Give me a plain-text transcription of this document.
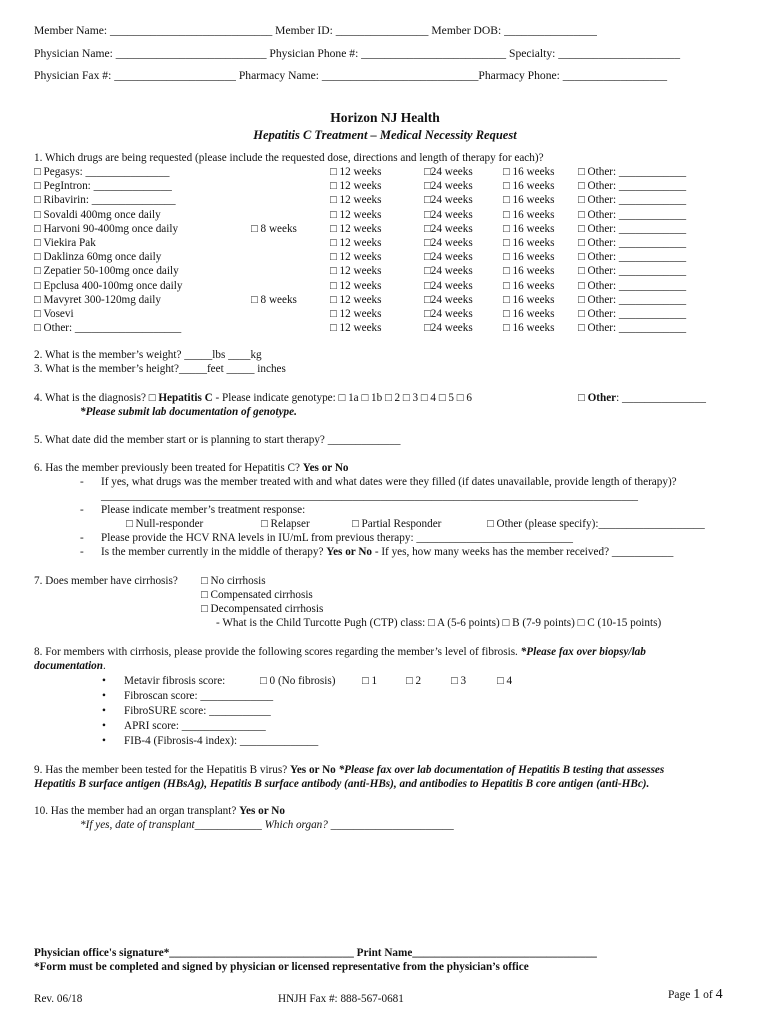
Member Name: ____________________________ Member ID: ________________ Member DOB: ________________
Physician Name: __________________________ Physician Phone #: _________________________ Specialty: _____________________
Physician Fax #: _____________________ Pharmacy Name: ___________________________Pharmacy Phone: __________________
Horizon NJ Health
Hepatitis C Treatment – Medical Necessity Request
1. Which drugs are being requested (please include the requested dose, directions and length of therapy for each)?
□ Pegasys: _______________	□ 12 weeks	□24 weeks	□ 16 weeks □ Other: ____________
□ PegIntron: ______________	□ 12 weeks	□24 weeks	□ 16 weeks □ Other: ____________
□ Ribavirin: _______________	□ 12 weeks	□24 weeks	□ 16 weeks □ Other: ____________
□ Sovaldi 400mg once daily	□ 12 weeks	□24 weeks	□ 16 weeks □ Other: ____________
□ Harvoni 90-400mg once daily	□ 8 weeks	□ 12 weeks	□24 weeks	□ 16 weeks □ Other: ____________
□ Viekira Pak	□ 12 weeks	□24 weeks	□ 16 weeks □ Other: ____________
□ Daklinza 60mg once daily	□ 12 weeks	□24 weeks	□ 16 weeks □ Other: ____________
□ Zepatier 50-100mg once daily	□ 12 weeks	□24 weeks	□ 16 weeks □ Other: ____________
□ Epclusa 400-100mg once daily	□ 12 weeks	□24 weeks	□ 16 weeks □ Other: ____________
□ Mavyret 300-120mg daily	□ 8 weeks	□ 12 weeks	□24 weeks	□ 16 weeks □ Other: ____________
□ Vosevi	□ 12 weeks	□24 weeks	□ 16 weeks □ Other: ____________
□ Other: ___________________	□ 12 weeks	□24 weeks	□ 16 weeks □ Other: ____________
2. What is the member’s weight? _____lbs ____kg
3. What is the member’s height?_____feet _____ inches
4. What is the diagnosis? □ Hepatitis C - Please indicate genotype: □ 1a □ 1b □ 2 □ 3 □ 4 □ 5 □ 6	□ Other: _______________
*Please submit lab documentation of genotype.
5. What date did the member start or is planning to start therapy? _____________
6. Has the member previously been treated for Hepatitis C? Yes or No
- If yes, what drugs was the member treated with and what dates were they filled (if dates unavailable, provide length of therapy)?
________________________________________________________________________________________________
- Please indicate member’s treatment response:
□ Null-responder	□ Relapser	□ Partial Responder	□ Other (please specify):___________________
- Please provide the HCV RNA levels in IU/mL from previous therapy: ____________________________
- Is the member currently in the middle of therapy? Yes or No - If yes, how many weeks has the member received? ___________
7. Does member have cirrhosis? □ No cirrhosis
□ Compensated cirrhosis
□ Decompensated cirrhosis
- What is the Child Turcotte Pugh (CTP) class: □ A (5-6 points) □ B (7-9 points) □ C (10-15 points)
8. For members with cirrhosis, please provide the following scores regarding the member’s level of fibrosis. *Please fax over biopsy/lab
documentation.
• Metavir fibrosis score:	□ 0 (No fibrosis) □ 1	□ 2	□ 3	□ 4
• Fibroscan score: _____________
• FibroSURE score: ___________
• APRI score: _______________
• FIB-4 (Fibrosis-4 index): ______________
9. Has the member been tested for the Hepatitis B virus? Yes or No *Please fax over lab documentation of Hepatitis B testing that assesses
Hepatitis B surface antigen (HBsAg), Hepatitis B surface antibody (anti-HBs), and antibodies to Hepatitis B core antigen (anti-HBc).
10. Has the member had an organ transplant? Yes or No
*If yes, date of transplant____________ Which organ? ______________________
Physician office's signature*_________________________________ Print Name_________________________________
*Form must be completed and signed by physician or licensed representative from the physician’s office
Rev. 06/18	HNJH Fax #: 888-567-0681	Page 1 of 4
